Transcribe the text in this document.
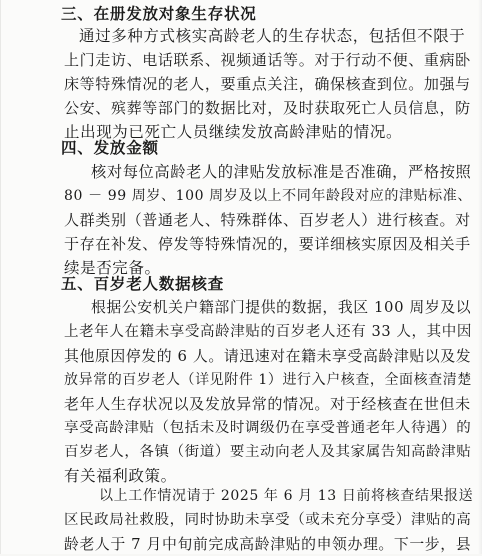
三、在册发放对象生存状况
通过多种方式核实高龄老人的生存状态，包括但不限于
上门走访、电话联系、视频通话等。对于行动不便、重病卧
床等特殊情况的老人，要重点关注，确保核查到位。加强与
公安、殡葬等部门的数据比对，及时获取死亡人员信息，防
止出现为已死亡人员继续发放高龄津贴的情况。
四、发放金额
核对每位高龄老人的津贴发放标准是否准确，严格按照
80 － 99 周岁、100 周岁及以上不同年龄段对应的津贴标准、
人群类别（普通老人、特殊群体、百岁老人）进行核查。对
于存在补发、停发等特殊情况的，要详细核实原因及相关手
续是否完备。
五、百岁老人数据核查
根据公安机关户籍部门提供的数据，我区 100 周岁及以
上老年人在籍未享受高龄津贴的百岁老人还有 33 人，其中因
其他原因停发的 6 人。请迅速对在籍未享受高龄津贴以及发
放异常的百岁老人（详见附件 1）进行入户核查，全面核查清楚
老年人生存状况以及发放异常的情况。对于经核查在世但未
享受高龄津贴（包括未及时调级仍在享受普通老年人待遇）的
百岁老人，各镇（街道）要主动向老人及其家属告知高龄津贴
有关福利政策。
以上工作情况请于 2025 年 6 月 13 日前将核查结果报送
区民政局社救股，同时协助未享受（或未充分享受）津贴的高
龄老人于 7 月中旬前完成高龄津贴的申领办理。下一步，县
